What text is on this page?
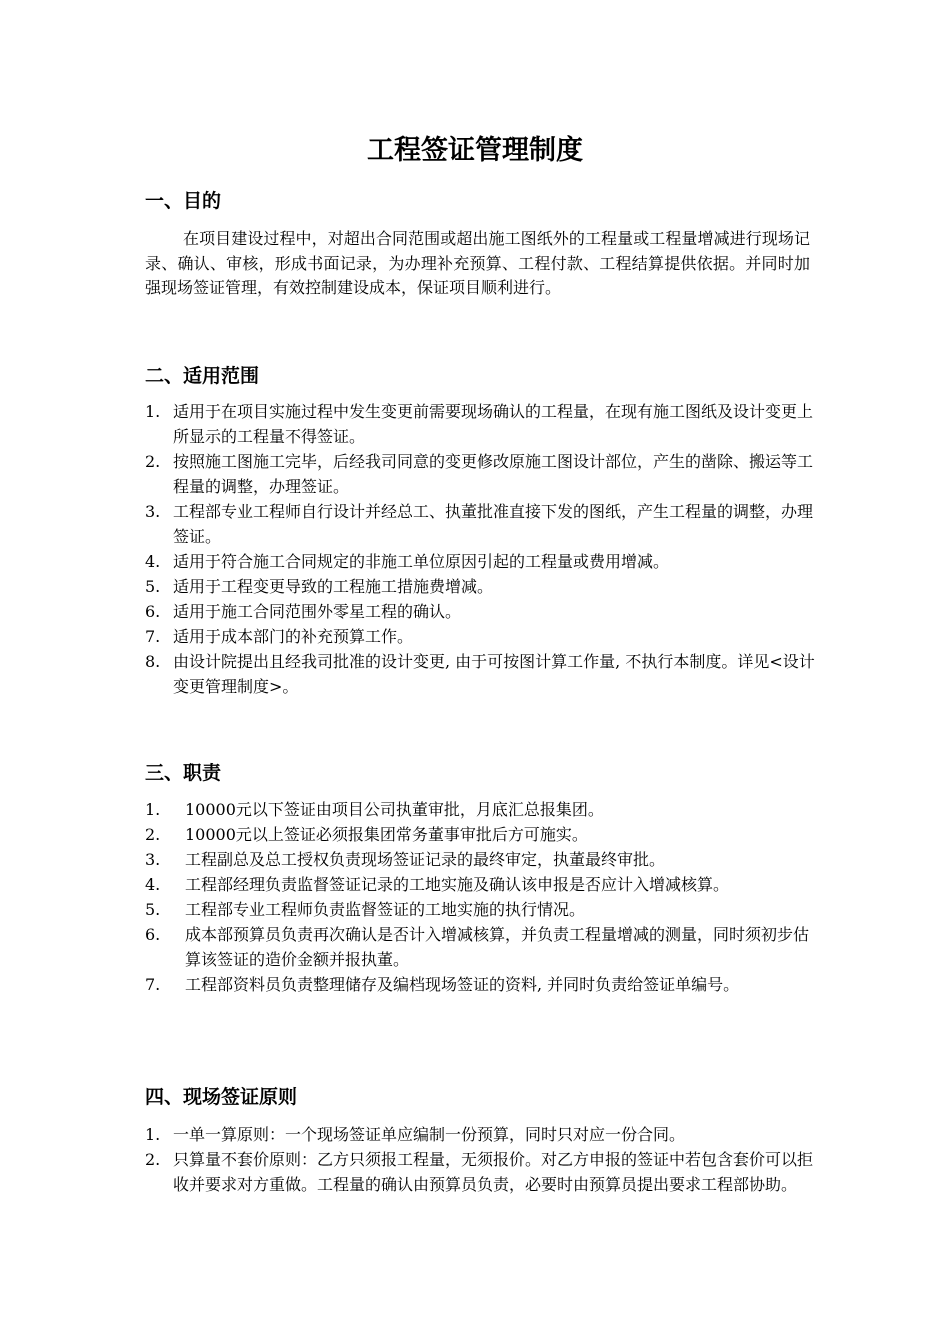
工程签证管理制度
一、目的

在项目建设过程中，对超出合同范围或超出施工图纸外的工程量或工程量增减进行现场记录、确认、审核，形成书面记录，为办理补充预算、工程付款、工程结算提供依据。并同时加强现场签证管理，有效控制建设成本，保证项目顺利进行。

二、适用范围
1. 适用于在项目实施过程中发生变更前需要现场确认的工程量，在现有施工图纸及设计变更上所显示的工程量不得签证。
2. 按照施工图施工完毕，后经我司同意的变更修改原施工图设计部位，产生的凿除、搬运等工程量的调整，办理签证。
3. 工程部专业工程师自行设计并经总工、执董批准直接下发的图纸，产生工程量的调整，办理签证。
4. 适用于符合施工合同规定的非施工单位原因引起的工程量或费用增减。
5. 适用于工程变更导致的工程施工措施费增减。
6. 适用于施工合同范围外零星工程的确认。
7. 适用于成本部门的补充预算工作。
8. 由设计院提出且经我司批准的设计变更, 由于可按图计算工作量, 不执行本制度。详见<设计变更管理制度>。
三、职责
1. 10000元以下签证由项目公司执董审批，月底汇总报集团。
2. 10000元以上签证必须报集团常务董事审批后方可施实。
3. 工程副总及总工授权负责现场签证记录的最终审定，执董最终审批。
4. 工程部经理负责监督签证记录的工地实施及确认该申报是否应计入增减核算。
5. 工程部专业工程师负责监督签证的工地实施的执行情况。
6. 成本部预算员负责再次确认是否计入增减核算，并负责工程量增减的测量，同时须初步估算该签证的造价金额并报执董。
7. 工程部资料员负责整理储存及编档现场签证的资料, 并同时负责给签证单编号。
四、现场签证原则
1. 一单一算原则：一个现场签证单应编制一份预算，同时只对应一份合同。
2. 只算量不套价原则：乙方只须报工程量，无须报价。对乙方申报的签证中若包含套价可以拒收并要求对方重做。工程量的确认由预算员负责，必要时由预算员提出要求工程部协助。
